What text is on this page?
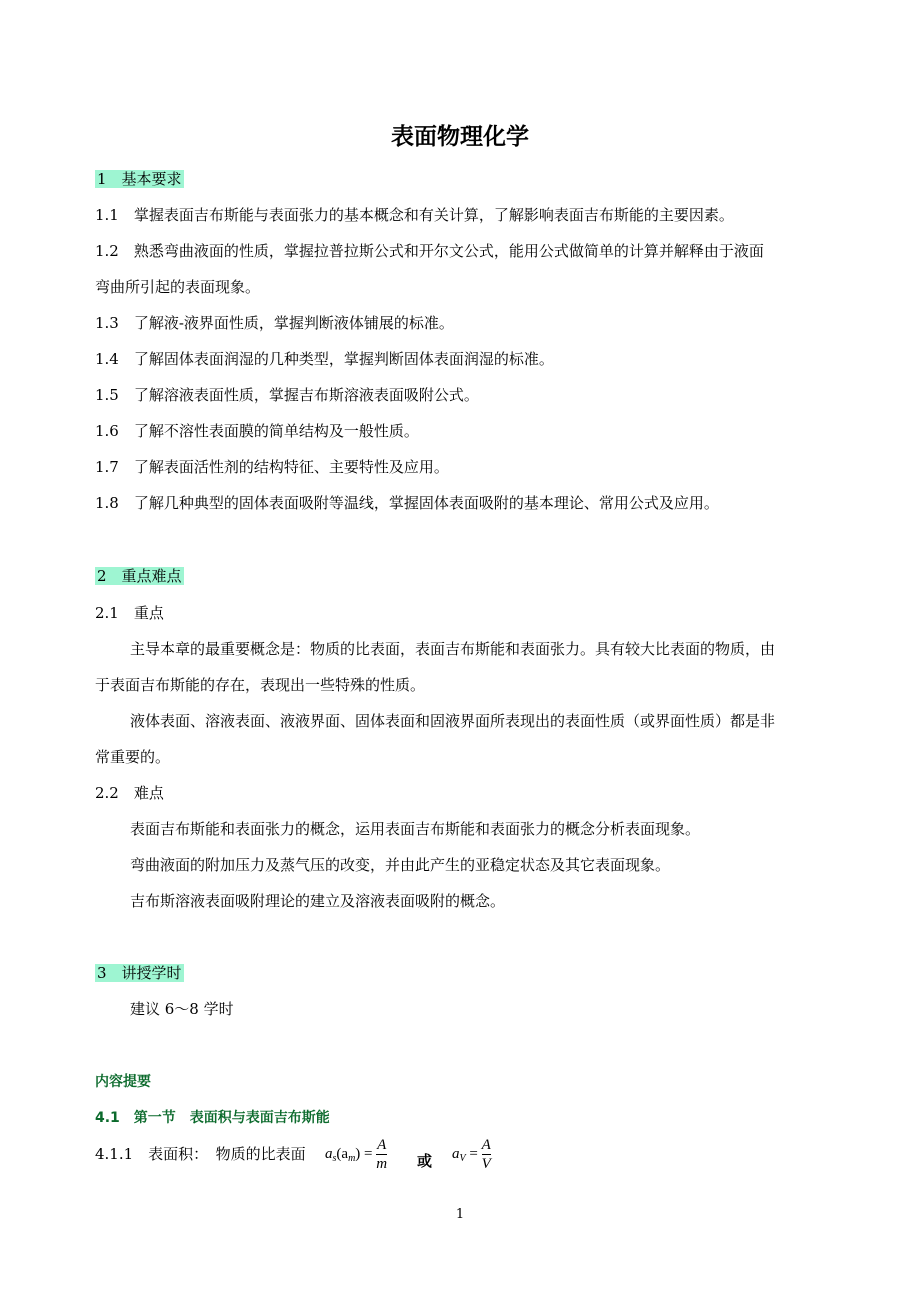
表面物理化学
1　基本要求
1.1　掌握表面吉布斯能与表面张力的基本概念和有关计算，了解影响表面吉布斯能的主要因素。
1.2　熟悉弯曲液面的性质，掌握拉普拉斯公式和开尔文公式，能用公式做简单的计算并解释由于液面
弯曲所引起的表面现象。
1.3　了解液-液界面性质，掌握判断液体铺展的标准。
1.4　了解固体表面润湿的几种类型，掌握判断固体表面润湿的标准。
1.5　了解溶液表面性质，掌握吉布斯溶液表面吸附公式。
1.6　了解不溶性表面膜的简单结构及一般性质。
1.7　了解表面活性剂的结构特征、主要特性及应用。
1.8　了解几种典型的固体表面吸附等温线，掌握固体表面吸附的基本理论、常用公式及应用。
2　重点难点
2.1　重点
主导本章的最重要概念是：物质的比表面，表面吉布斯能和表面张力。具有较大比表面的物质，由
于表面吉布斯能的存在，表现出一些特殊的性质。
液体表面、溶液表面、液液界面、固体表面和固液界面所表现出的表面性质（或界面性质）都是非
常重要的。
2.2　难点
表面吉布斯能和表面张力的概念，运用表面吉布斯能和表面张力的概念分析表面现象。
弯曲液面的附加压力及蒸气压的改变，并由此产生的亚稳定状态及其它表面现象。
吉布斯溶液表面吸附理论的建立及溶液表面吸附的概念。
3　讲授学时
建议 6～8 学时
内容提要
4.1　第一节　表面积与表面吉布斯能
4.1.1　表面积：　物质的比表面 $a_s(a_m) = \frac{A}{m}$ 或 $a_V = \frac{A}{V}$
1
